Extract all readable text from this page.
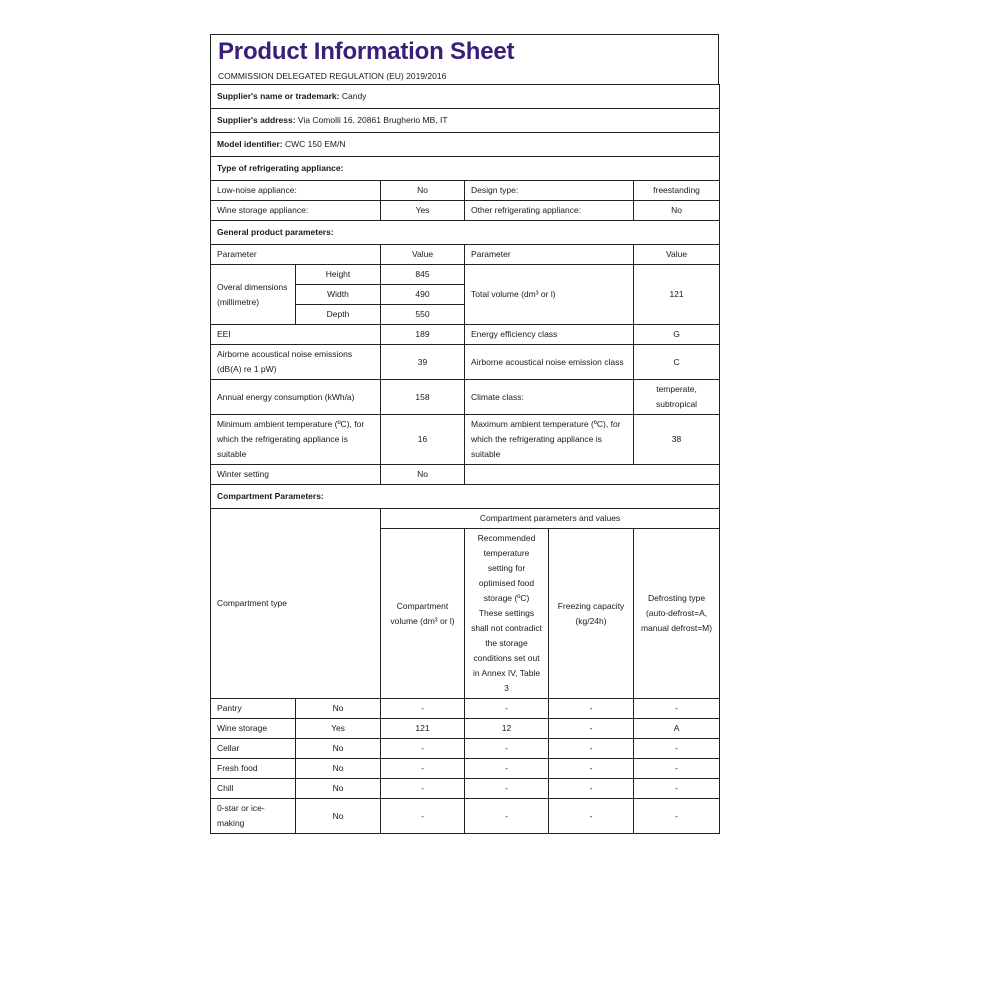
Product Information Sheet
COMMISSION DELEGATED REGULATION (EU) 2019/2016
Supplier's name or trademark: Candy					
Supplier's address: Via Comolli 16, 20861 Brugherio MB, IT					
Model identifier: CWC 150 EM/N					
Type of refrigerating appliance:					
Low-noise appliance:		No	Design type:		freestanding
Wine storage appliance:		Yes	Other refrigerating appliance:		No
General product parameters:					
Parameter		Value	Parameter		Value
Overal dimensions (millimetre)	Height	845	Total volume (dm³ or l)		121
	Width	490			
	Depth	550			
EEI		189	Energy efficiency class		G
Airborne acoustical noise emissions (dB(A) re 1 pW)		39	Airborne acoustical noise emission class		C
Annual energy consumption (kWh/a)		158	Climate class:		temperate, subtropical
Minimum ambient temperature (ºC), for which the refrigerating appliance is suitable		16	Maximum ambient temperature (ºC), for which the refrigerating appliance is suitable		38
Winter setting		No			
Compartment Parameters:					
Compartment type		Compartment parameters and values			
		Compartment volume (dm³ or l)	Recommended temperature setting for optimised food storage (ºC) These settings shall not contradict the storage conditions set out in Annex IV, Table 3	Freezing capacity (kg/24h)	Defrosting type (auto-defrost=A, manual defrost=M)
Pantry	No	-	-	-	-
Wine storage	Yes	121	12	-	A
Cellar	No	-	-	-	-
Fresh food	No	-	-	-	-
Chill	No	-	-	-	-
0-star or ice-making	No	-	-	-	-
